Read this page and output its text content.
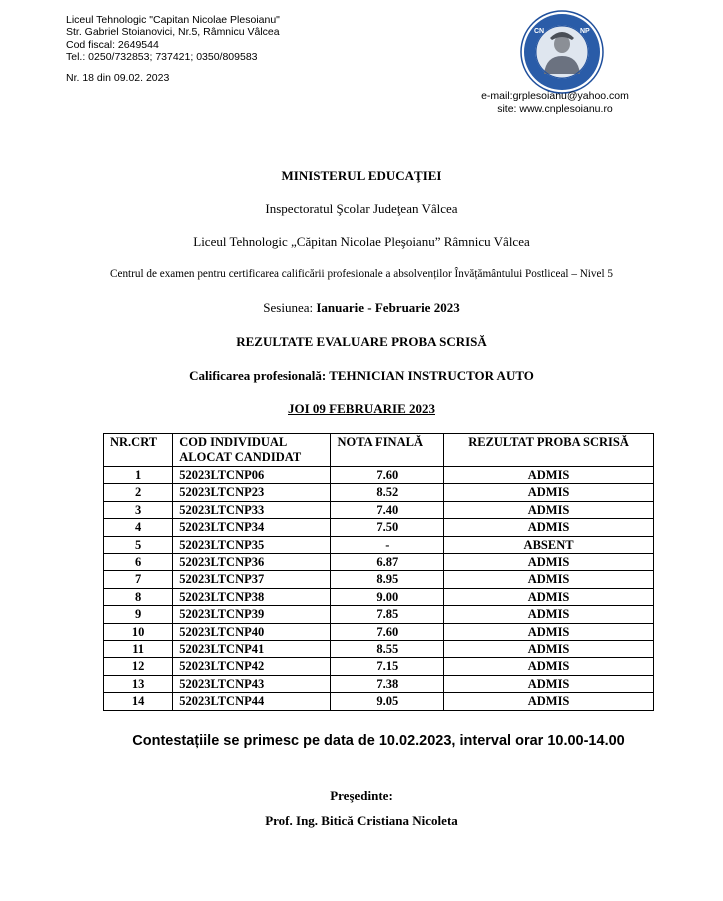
Liceul Tehnologic "Capitan Nicolae Plesoianu"
Str. Gabriel Stoianovici, Nr.5, Râmnicu Vâlcea
Cod fiscal: 2649544
Tel.: 0250/732853; 737421; 0350/809583
Nr. 18 din 09.02. 2023
CN	NP
e-mail:grplesoianu@yahoo.com
site: www.cnplesoianu.ro
MINISTERUL EDUCAŢIEI
Inspectoratul Şcolar Judeţean Vâlcea
Liceul Tehnologic „Căpitan Nicolae Pleşoianu” Râmnicu Vâlcea
Centrul de examen pentru certificarea calificării profesionale a absolvenților Învățământului Postliceal – Nivel 5
Sesiunea: Ianuarie - Februarie 2023
REZULTATE EVALUARE PROBA SCRISĂ
Calificarea profesională: TEHNICIAN INSTRUCTOR AUTO
JOI 09 FEBRUARIE 2023
NR.CRT	COD INDIVIDUAL ALOCAT CANDIDAT	NOTA FINALĂ	REZULTAT PROBA SCRISĂ
1	52023LTCNP06	7.60	ADMIS
2	52023LTCNP23	8.52	ADMIS
3	52023LTCNP33	7.40	ADMIS
4	52023LTCNP34	7.50	ADMIS
5	52023LTCNP35	-	ABSENT
6	52023LTCNP36	6.87	ADMIS
7	52023LTCNP37	8.95	ADMIS
8	52023LTCNP38	9.00	ADMIS
9	52023LTCNP39	7.85	ADMIS
10	52023LTCNP40	7.60	ADMIS
11	52023LTCNP41	8.55	ADMIS
12	52023LTCNP42	7.15	ADMIS
13	52023LTCNP43	7.38	ADMIS
14	52023LTCNP44	9.05	ADMIS
Contestațiile se primesc pe data de 10.02.2023, interval orar 10.00-14.00
Preşedinte:
Prof. Ing. Bitică Cristiana Nicoleta
